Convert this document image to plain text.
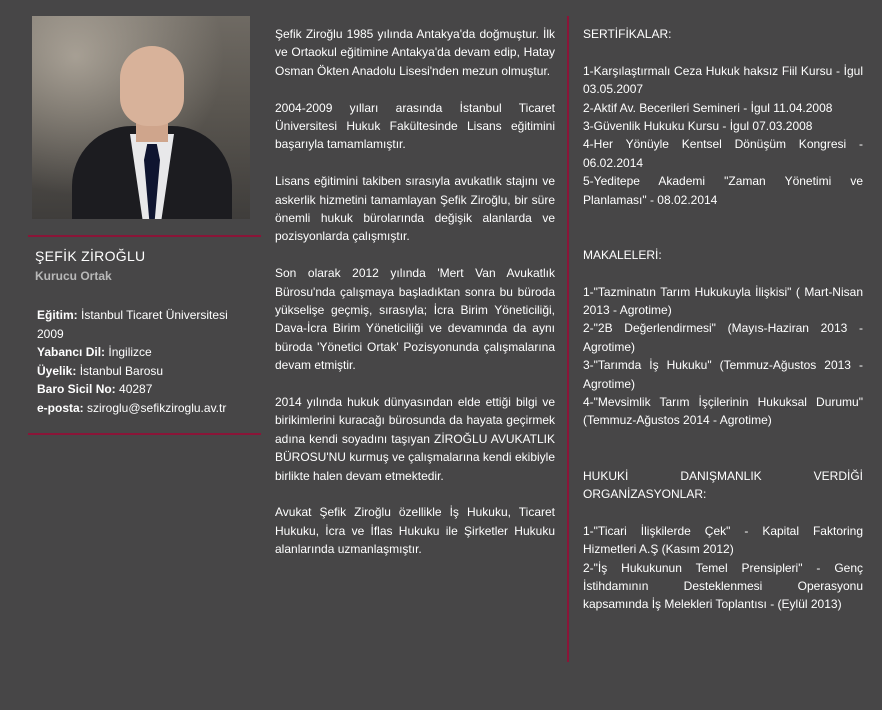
ŞEFİK ZİROĞLU
Kurucu Ortak
Eğitim: İstanbul Ticaret Üniversitesi 2009
Yabancı Dil: İngilizce
Üyelik: İstanbul Barosu
Baro Sicil No: 40287
e-posta: sziroglu@sefikziroglu.av.tr

Şefik Ziroğlu 1985 yılında Antakya'da doğmuştur. İlk ve Ortaokul eğitimine Antakya'da devam edip, Hatay Osman Ökten Anadolu Lisesi'nden mezun olmuştur.

2004-2009 yılları arasında İstanbul Ticaret Üniversitesi Hukuk Fakültesinde Lisans eğitimini başarıyla tamamlamıştır.

Lisans eğitimini takiben sırasıyla avukatlık stajını ve askerlik hizmetini tamamlayan Şefik Ziroğlu, bir süre önemli hukuk bürolarında değişik alanlarda ve pozisyonlarda çalışmıştır.

Son olarak 2012 yılında 'Mert Van Avukatlık Bürosu'nda çalışmaya başladıktan sonra bu büroda yükselişe geçmiş, sırasıyla; İcra Birim Yöneticiliği, Dava-İcra Birim Yöneticiliği ve devamında da aynı büroda 'Yönetici Ortak' Pozisyonunda çalışmalarına devam etmiştir.

2014 yılında hukuk dünyasından elde ettiği bilgi ve birikimlerini kuracağı bürosunda da hayata geçirmek adına kendi soyadını taşıyan ZİROĞLU AVUKATLIK BÜROSU'NU kurmuş ve çalışmalarına kendi ekibiyle birlikte halen devam etmektedir.

Avukat Şefik Ziroğlu özellikle İş Hukuku, Ticaret Hukuku, İcra ve İflas Hukuku ile Şirketler Hukuku alanlarında uzmanlaşmıştır.

SERTİFİKALAR:

1-Karşılaştırmalı Ceza Hukuk haksız Fiil Kursu - İgul 03.05.2007

2-Aktif Av. Becerileri Semineri - İgul 11.04.2008

3-Güvenlik Hukuku Kursu - İgul 07.03.2008

4-Her Yönüyle Kentsel Dönüşüm Kongresi - 06.02.2014

5-Yeditepe Akademi "Zaman Yönetimi ve Planlaması" - 08.02.2014

MAKALELERİ:

1-"Tazminatın Tarım Hukukuyla İlişkisi" ( Mart-Nisan 2013 - Agrotime)

2-"2B Değerlendirmesi" (Mayıs-Haziran 2013 - Agrotime)

3-"Tarımda İş Hukuku" (Temmuz-Ağustos 2013 - Agrotime)

4-"Mevsimlik Tarım İşçilerinin Hukuksal Durumu" (Temmuz-Ağustos 2014 - Agrotime)

HUKUKİ DANIŞMANLIK VERDİĞİ ORGANİZASYONLAR:

1-"Ticari İlişkilerde Çek" - Kapital Faktoring Hizmetleri A.Ş (Kasım 2012)

2-"İş Hukukunun Temel Prensipleri" - Genç İstihdamının Desteklenmesi Operasyonu kapsamında İş Melekleri Toplantısı - (Eylül 2013)
